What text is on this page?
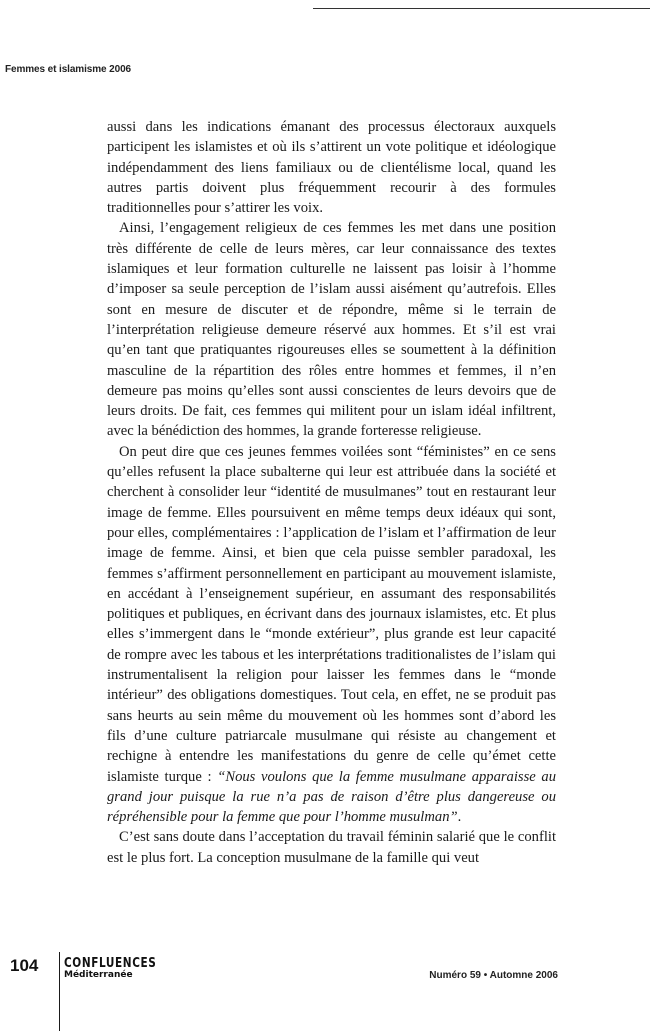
Femmes et islamisme 2006

aussi dans les indications émanant des processus électoraux auxquels participent les islamistes et où ils s’attirent un vote politique et idéologique indépendamment des liens familiaux ou de clientélisme local, quand les autres partis doivent plus fréquemment recourir à des formules traditionnelles pour s’attirer les voix.

Ainsi, l’engagement religieux de ces femmes les met dans une position très différente de celle de leurs mères, car leur connaissance des textes islamiques et leur formation culturelle ne laissent pas loisir à l’homme d’imposer sa seule perception de l’islam aussi aisément qu’autrefois. Elles sont en mesure de discuter et de répondre, même si le terrain de l’interprétation religieuse demeure réservé aux hommes. Et s’il est vrai qu’en tant que pratiquantes rigoureuses elles se soumettent à la définition masculine de la répartition des rôles entre hommes et femmes, il n’en demeure pas moins qu’elles sont aussi conscientes de leurs devoirs que de leurs droits. De fait, ces femmes qui militent pour un islam idéal infiltrent, avec la bénédiction des hommes, la grande forteresse religieuse.

On peut dire que ces jeunes femmes voilées sont “féministes” en ce sens qu’elles refusent la place subalterne qui leur est attribuée dans la société et cherchent à consolider leur “identité de musulmanes” tout en restaurant leur image de femme. Elles poursuivent en même temps deux idéaux qui sont, pour elles, complémentaires : l’application de l’islam et l’affirmation de leur image de femme. Ainsi, et bien que cela puisse sembler paradoxal, les femmes s’affirment personnellement en participant au mouvement islamiste, en accédant à l’enseignement supérieur, en assumant des responsabilités politiques et publiques, en écrivant dans des journaux islamistes, etc. Et plus elles s’immergent dans le “monde extérieur”, plus grande est leur capacité de rompre avec les tabous et les interprétations traditionalistes de l’islam qui instrumentalisent la religion pour laisser les femmes dans le “monde intérieur” des obligations domestiques. Tout cela, en effet, ne se produit pas sans heurts au sein même du mouvement où les hommes sont d’abord les fils d’une culture patriarcale musulmane qui résiste au changement et rechigne à entendre les manifestations du genre de celle qu’émet cette islamiste turque : “Nous voulons que la femme musulmane apparaisse au grand jour puisque la rue n’a pas de raison d’être plus dangereuse ou répréhensible pour la femme que pour l’homme musulman”.

C’est sans doute dans l’acceptation du travail féminin salarié que le conflit est le plus fort. La conception musulmane de la famille qui veut

104 CONFLUENCES
Méditerranée	Numéro 59 • Automne 2006
